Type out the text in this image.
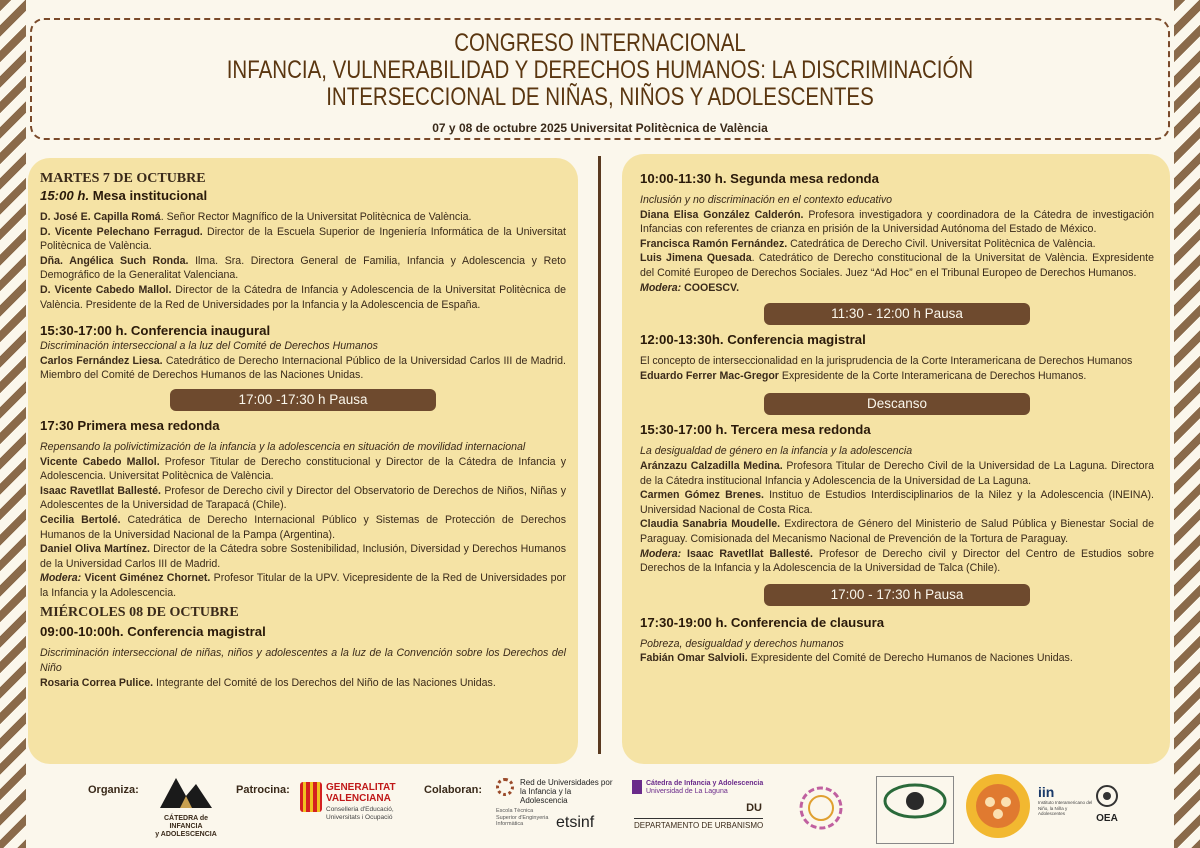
CONGRESO INTERNACIONAL
INFANCIA, VULNERABILIDAD Y DERECHOS HUMANOS: LA DISCRIMINACIÓN
INTERSECCIONAL DE NIÑAS, NIÑOS Y ADOLESCENTES
07 y 08 de octubre 2025 Universitat Politècnica de València
MARTES 7 DE OCTUBRE
15:00 h. Mesa institucional
D. José E. Capilla Romá. Señor Rector Magnífico de la Universitat Politècnica de València.
D. Vicente Pelechano Ferragud. Director de la Escuela Superior de Ingeniería Informática de la Universitat Politècnica de València.
Dña. Angélica Such Ronda. Ilma. Sra. Directora General de Familia, Infancia y Adolescencia y Reto Demográfico de la Generalitat Valenciana.
D. Vicente Cabedo Mallol. Director de la Cátedra de Infancia y Adolescencia de la Universitat Politècnica de València. Presidente de la Red de Universidades por la Infancia y la Adolescencia de España.
15:30-17:00 h. Conferencia inaugural
Discriminación interseccional a la luz del Comité de Derechos Humanos
Carlos Fernández Liesa. Catedrático de Derecho Internacional Público de la Universidad Carlos III de Madrid. Miembro del Comité de Derechos Humanos de las Naciones Unidas.
17:00 -17:30 h Pausa
17:30 Primera mesa redonda
Repensando la polivictimización de la infancia y la adolescencia en situación de movilidad internacional
Vicente Cabedo Mallol. Profesor Titular de Derecho constitucional y Director de la Cátedra de Infancia y Adolescencia. Universitat Politècnica de València.
Isaac Ravetllat Ballesté. Profesor de Derecho civil y Director del Observatorio de Derechos de Niños, Niñas y Adolescentes de la Universidad de Tarapacá (Chile).
Cecilia Bertolé. Catedrática de Derecho Internacional Público y Sistemas de Protección de Derechos Humanos de la Universidad Nacional de la Pampa (Argentina).
Daniel Oliva Martínez. Director de la Cátedra sobre Sostenibilidad, Inclusión, Diversidad y Derechos Humanos de la Universidad Carlos III de Madrid.
Modera: Vicent Giménez Chornet. Profesor Titular de la UPV. Vicepresidente de la Red de Universidades por la Infancia y la Adolescencia.
MIÉRCOLES 08 DE OCTUBRE
09:00-10:00h. Conferencia magistral
Discriminación interseccional de niñas, niños y adolescentes a la luz de la Convención sobre los Derechos del Niño
Rosaria Correa Pulice. Integrante del Comité de los Derechos del Niño de las Naciones Unidas.
10:00-11:30 h. Segunda mesa redonda
Inclusión y no discriminación en el contexto educativo
Diana Elisa González Calderón. Profesora investigadora y coordinadora de la Cátedra de investigación Infancias con referentes de crianza en prisión de la Universidad Autónoma del Estado de México.
Francisca Ramón Fernández. Catedrática de Derecho Civil. Universitat Politècnica de València.
Luis Jimena Quesada. Catedrático de Derecho constitucional de la Universitat de València. Expresidente del Comité Europeo de Derechos Sociales. Juez “Ad Hoc” en el Tribunal Europeo de Derechos Humanos.
Modera: COOESCV.
11:30 - 12:00 h Pausa
12:00-13:30h. Conferencia magistral
El concepto de interseccionalidad en la jurisprudencia de la Corte Interamericana de Derechos Humanos
Eduardo Ferrer Mac-Gregor Expresidente de la Corte Interamericana de Derechos Humanos.
Descanso
15:30-17:00 h. Tercera mesa redonda
La desigualdad de género en la infancia y la adolescencia
Aránzazu Calzadilla Medina. Profesora Titular de Derecho Civil de la Universidad de La Laguna. Directora de la Cátedra institucional Infancia y Adolescencia de la Universidad de La Laguna.
Carmen Gómez Brenes. Instituo de Estudios Interdisciplinarios de la Nilez y la Adolescencia (INEINA). Universidad Nacional de Costa Rica.
Claudia Sanabria Moudelle. Exdirectora de Género del Ministerio de Salud Pública y Bienestar Social de Paraguay. Comisionada del Mecanismo Nacional de Prevención de la Tortura de Paraguay.
Modera: Isaac Ravetllat Ballesté. Profesor de Derecho civil y Director del Centro de Estudios sobre Derechos de la Infancia y la Adolescencia de la Universidad de Talca (Chile).
17:00 - 17:30 h Pausa
17:30-19:00 h. Conferencia de clausura
Pobreza, desigualdad y derechos humanos
Fabián Omar Salvioli. Expresidente del Comité de Derecho Humanos de Naciones Unidas.
Organiza:	Patrocina:	Colaboran:
CÁTEDRA de INFANCIA
y ADOLESCENCIA
GENERALITAT
VALENCIANA
Conselleria d'Educació,
Universitats i Ocupació
Red de Universidades por
la Infancia y la Adolescencia
Escola Tècnica
Superior d'Enginyeria
Informàtica	etsinf
Cátedra de Infancia y Adolescencia
Universidad de La Laguna
DU
DEPARTAMENTO DE URBANISMO
iin
Instituto Interamericano del Niño, la Niña y Adolescentes	OEA
